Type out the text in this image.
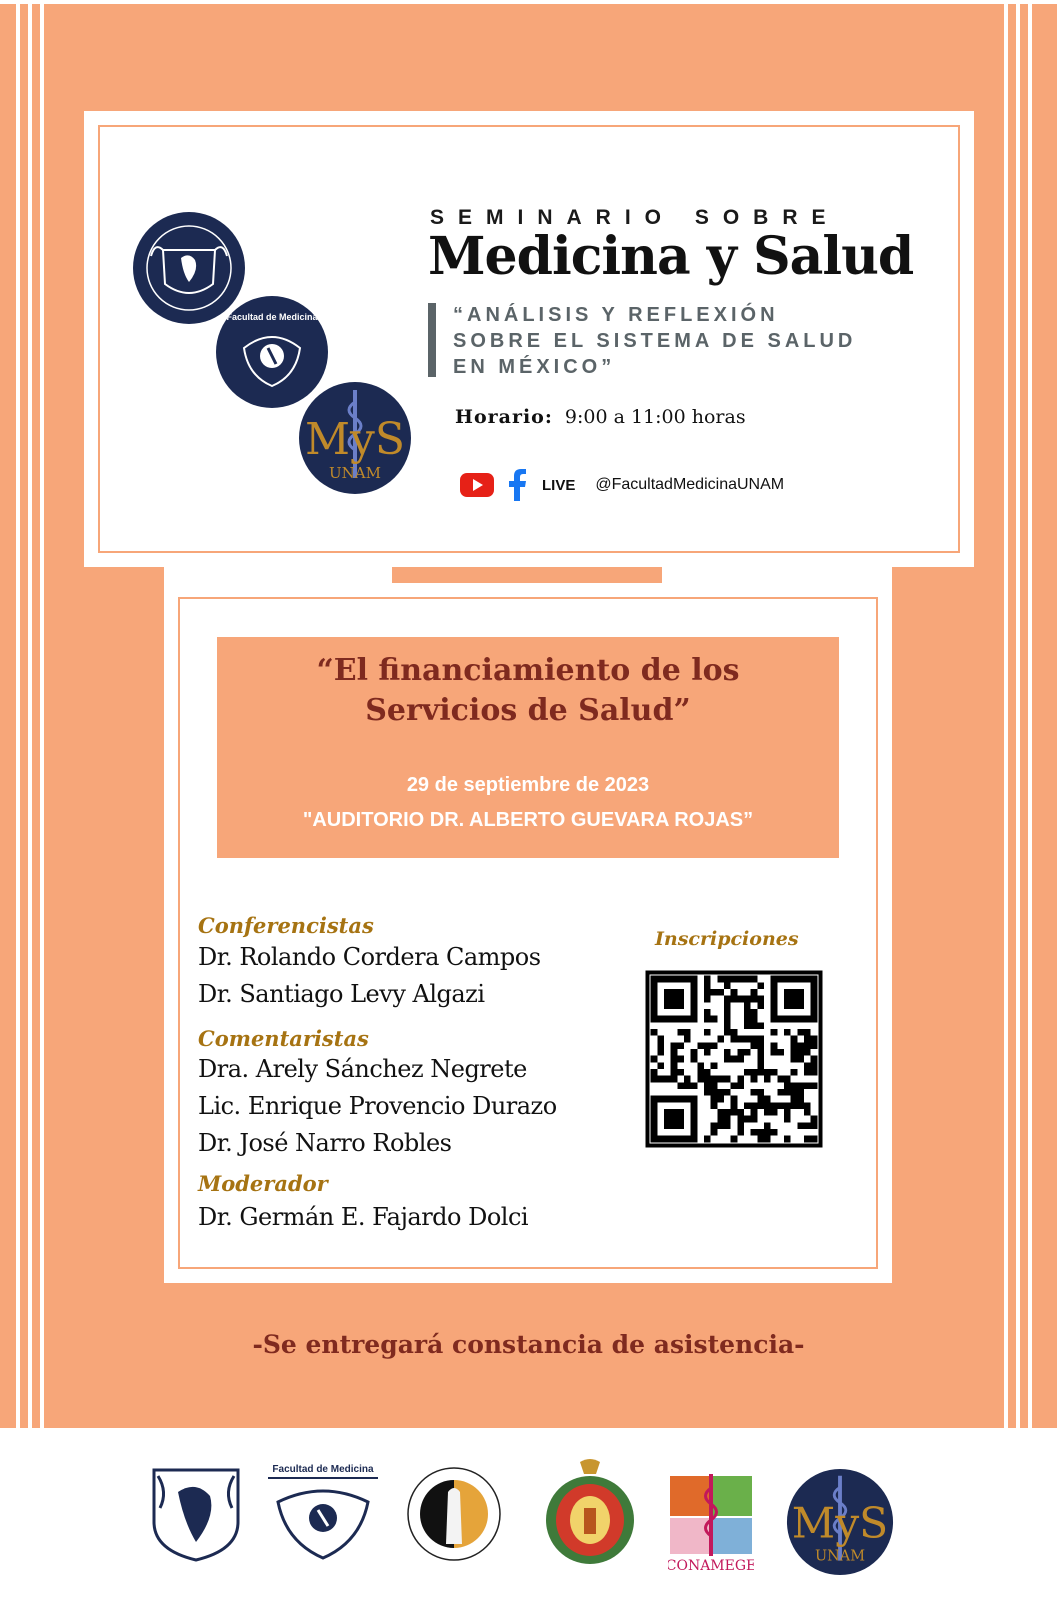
Facultad de Medicina
MyS
UNAM
SEMINARIO SOBRE
Medicina y Salud
“ANÁLISIS Y REFLEXIÓN
SOBRE EL SISTEMA DE SALUD
EN MÉXICO”
Horario: 9:00 a 11:00 horas
LIVE @FacultadMedicinaUNAM
“El financiamiento de los
Servicios de Salud”
29 de septiembre de 2023
"AUDITORIO DR. ALBERTO GUEVARA ROJAS”
Conferencistas
Dr. Rolando Cordera Campos
Dr. Santiago Levy Algazi
Comentaristas
Dra. Arely Sánchez Negrete
Lic. Enrique Provencio Durazo
Dr. José Narro Robles
Moderador
Dr. Germán E. Fajardo Dolci
Inscripciones
-Se entregará constancia de asistencia-
Facultad de Medicina
CONAMEGE
MyS
UNAM
